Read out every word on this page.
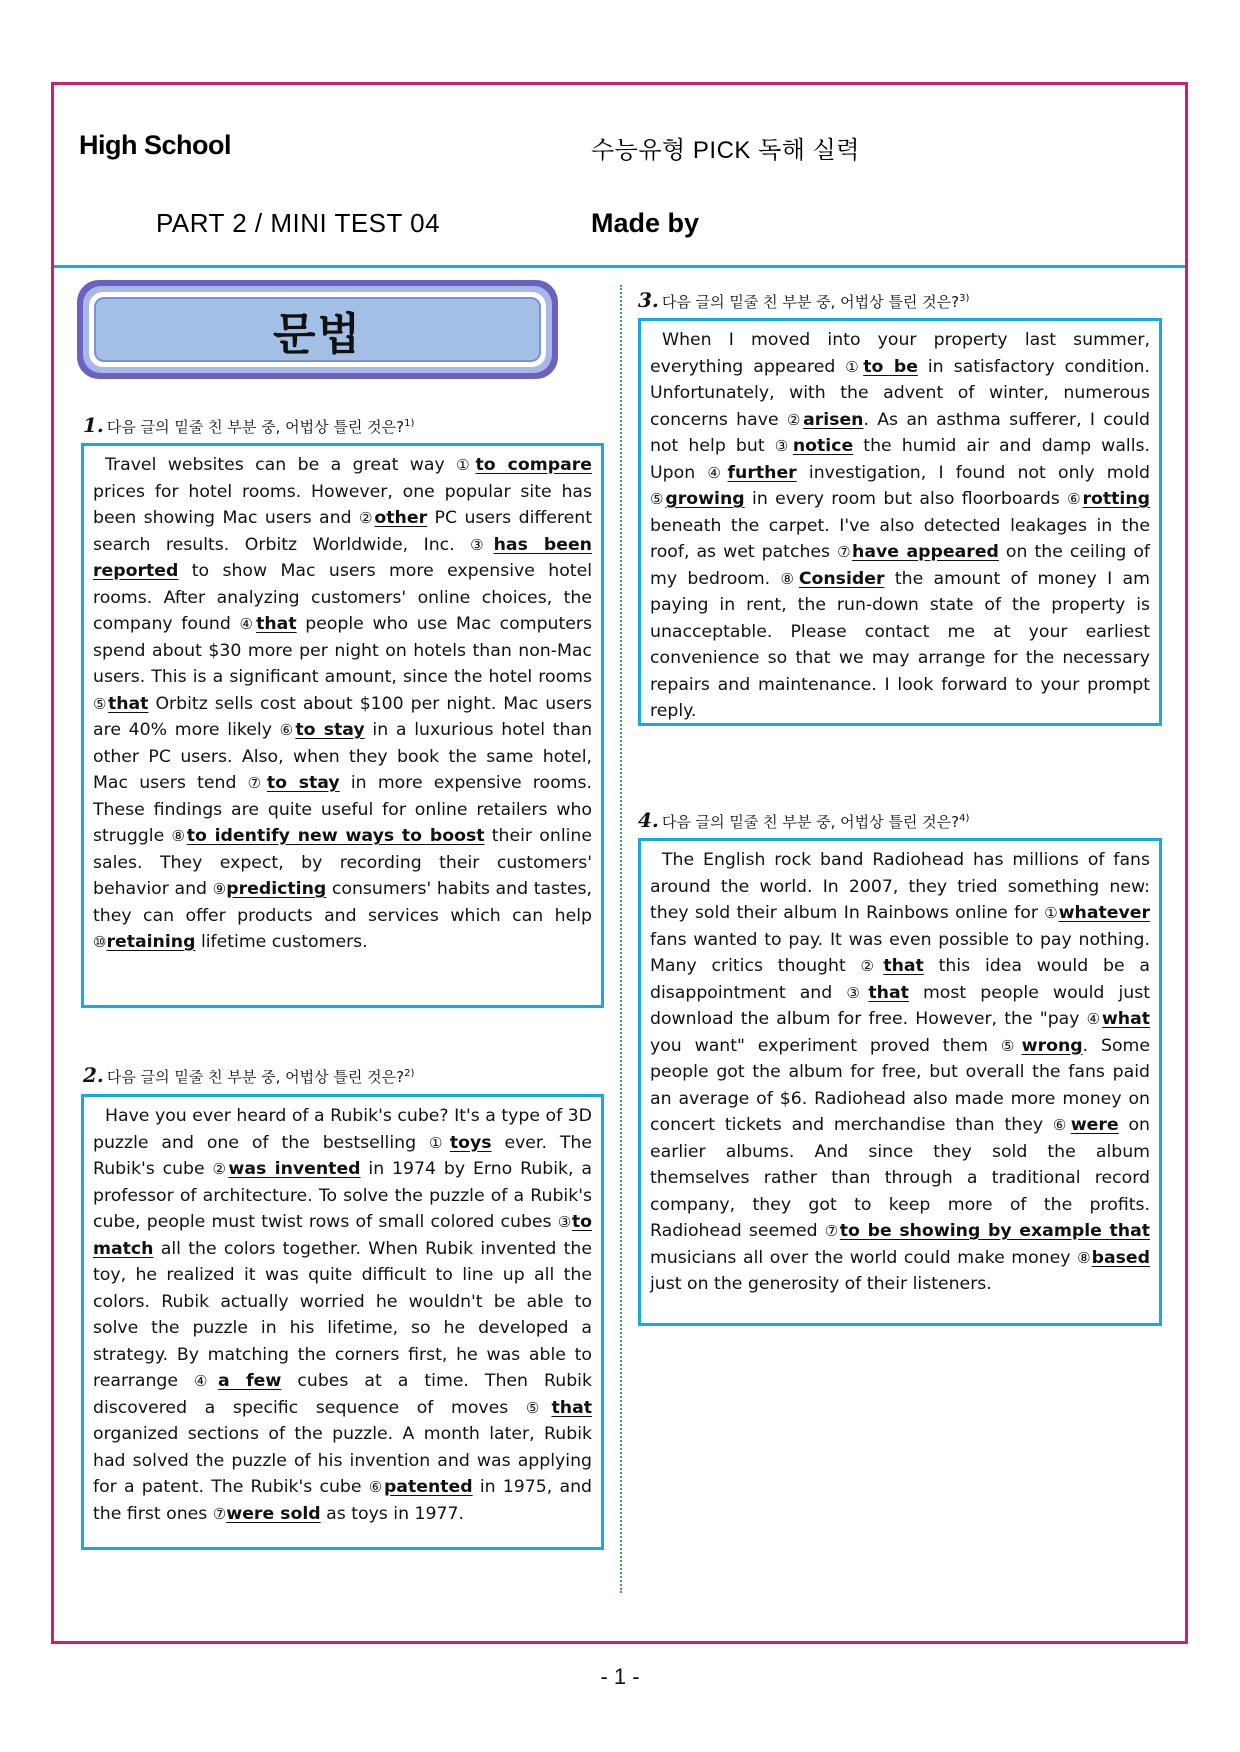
High School	수능유형 PICK 독해 실력
PART 2 / MINI TEST 04	Made by
문법
1. 다음 글의 밑줄 친 부분 중, 어법상 틀린 것은?$^{1)}$

Travel websites can be a great way ①to compare prices for hotel rooms. However, one popular site has been showing Mac users and ②other PC users different search results. Orbitz Worldwide, Inc. ③has been reported to show Mac users more expensive hotel rooms. After analyzing customers' online choices, the company found ④that people who use Mac computers spend about $30 more per night on hotels than non-Mac users. This is a significant amount, since the hotel rooms ⑤that Orbitz sells cost about $100 per night. Mac users are 40% more likely ⑥to stay in a luxurious hotel than other PC users. Also, when they book the same hotel, Mac users tend ⑦to stay in more expensive rooms. These findings are quite useful for online retailers who struggle ⑧to identify new ways to boost their online sales. They expect, by recording their customers' behavior and ⑨predicting consumers' habits and tastes, they can offer products and services which can help ⑩retaining lifetime customers.

2. 다음 글의 밑줄 친 부분 중, 어법상 틀린 것은?$^{2)}$

Have you ever heard of a Rubik's cube? It's a type of 3D puzzle and one of the bestselling ①toys ever. The Rubik's cube ②was invented in 1974 by Erno Rubik, a professor of architecture. To solve the puzzle of a Rubik's cube, people must twist rows of small colored cubes ③to match all the colors together. When Rubik invented the toy, he realized it was quite difficult to line up all the colors. Rubik actually worried he wouldn't be able to solve the puzzle in his lifetime, so he developed a strategy. By matching the corners first, he was able to rearrange ④a few cubes at a time. Then Rubik discovered a specific sequence of moves ⑤that organized sections of the puzzle. A month later, Rubik had solved the puzzle of his invention and was applying for a patent. The Rubik's cube ⑥patented in 1975, and the first ones ⑦were sold as toys in 1977.

3. 다음 글의 밑줄 친 부분 중, 어법상 틀린 것은?$^{3)}$

When I moved into your property last summer, everything appeared ①to be in satisfactory condition. Unfortunately, with the advent of winter, numerous concerns have ②arisen. As an asthma sufferer, I could not help but ③notice the humid air and damp walls. Upon ④further investigation, I found not only mold ⑤growing in every room but also floorboards ⑥rotting beneath the carpet. I've also detected leakages in the roof, as wet patches ⑦have appeared on the ceiling of my bedroom. ⑧Consider the amount of money I am paying in rent, the run-down state of the property is unacceptable. Please contact me at your earliest convenience so that we may arrange for the necessary repairs and maintenance. I look forward to your prompt reply.

4. 다음 글의 밑줄 친 부분 중, 어법상 틀린 것은?$^{4)}$

The English rock band Radiohead has millions of fans around the world. In 2007, they tried something new: they sold their album In Rainbows online for ①whatever fans wanted to pay. It was even possible to pay nothing. Many critics thought ②that this idea would be a disappointment and ③that most people would just download the album for free. However, the "pay ④what you want" experiment proved them ⑤wrong. Some people got the album for free, but overall the fans paid an average of $6. Radiohead also made more money on concert tickets and merchandise than they ⑥were on earlier albums. And since they sold the album themselves rather than through a traditional record company, they got to keep more of the profits. Radiohead seemed ⑦to be showing by example that musicians all over the world could make money ⑧based just on the generosity of their listeners.

- 1 -
